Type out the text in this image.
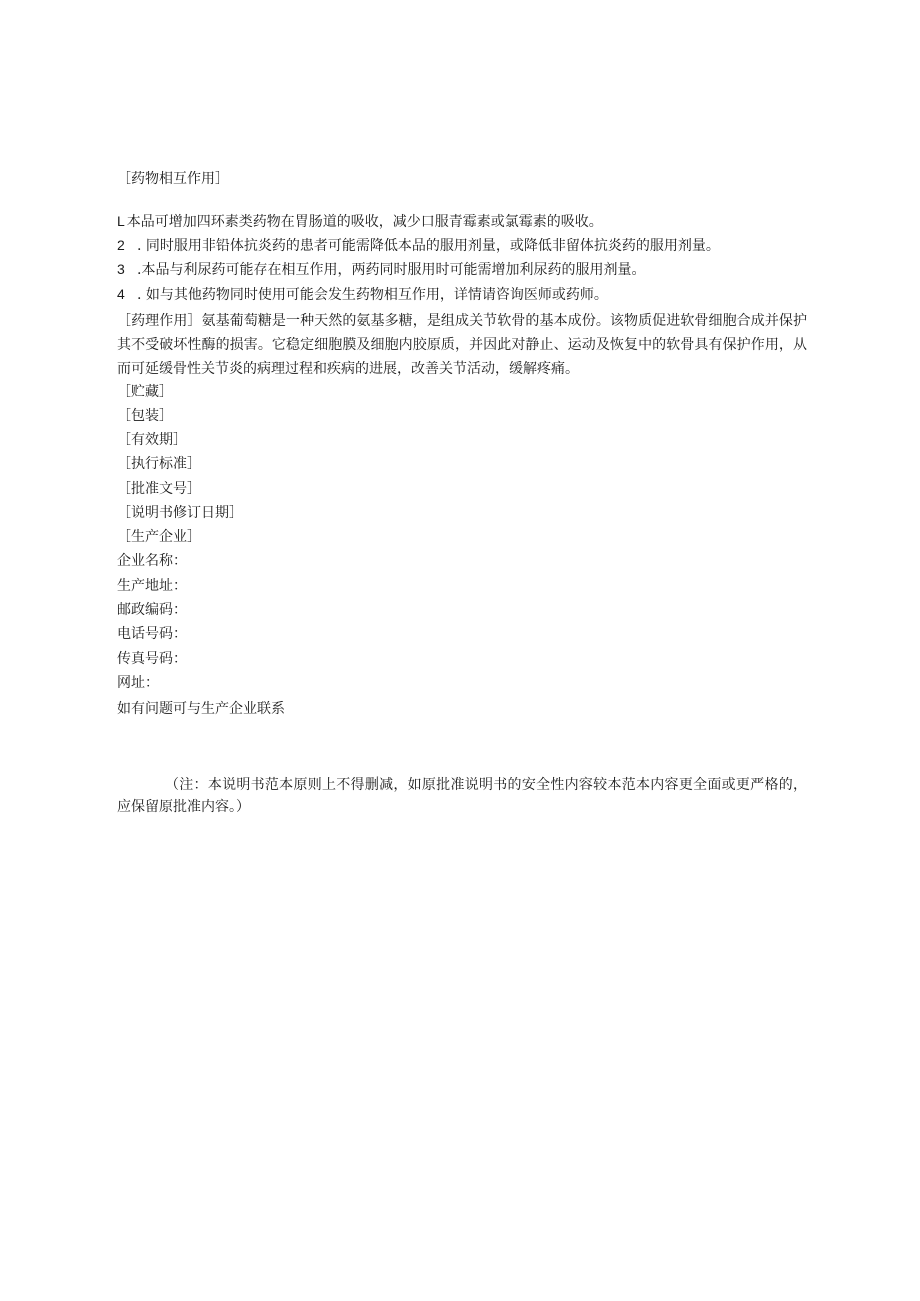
［药物相互作用］
L 本品可增加四环素类药物在胃肠道的吸收，减少口服青霉素或氯霉素的吸收。
2 . 同时服用非铅体抗炎药的患者可能需降低本品的服用剂量，或降低非留体抗炎药的服用剂量。
3 .本品与利尿药可能存在相互作用，两药同时服用时可能需增加利尿药的服用剂量。
4 . 如与其他药物同时使用可能会发生药物相互作用，详情请咨询医师或药师。
［药理作用］氨基葡萄糖是一种天然的氨基多糖，是组成关节软骨的基本成份。该物质促进软骨细胞合成并保护其不受破坏性酶的损害。它稳定细胞膜及细胞内胶原质，并因此对静止、运动及恢复中的软骨具有保护作用，从而可延缓骨性关节炎的病理过程和疾病的进展，改善关节活动，缓解疼痛。
［贮藏］
［包装］
［有效期］
［执行标准］
［批准文号］
［说明书修订日期］
［生产企业］
企业名称：
生产地址：
邮政编码：
电话号码：
传真号码：
网址：
如有问题可与生产企业联系
（注：本说明书范本原则上不得删减，如原批准说明书的安全性内容较本范本内容更全面或更严格的，应保留原批准内容。）
